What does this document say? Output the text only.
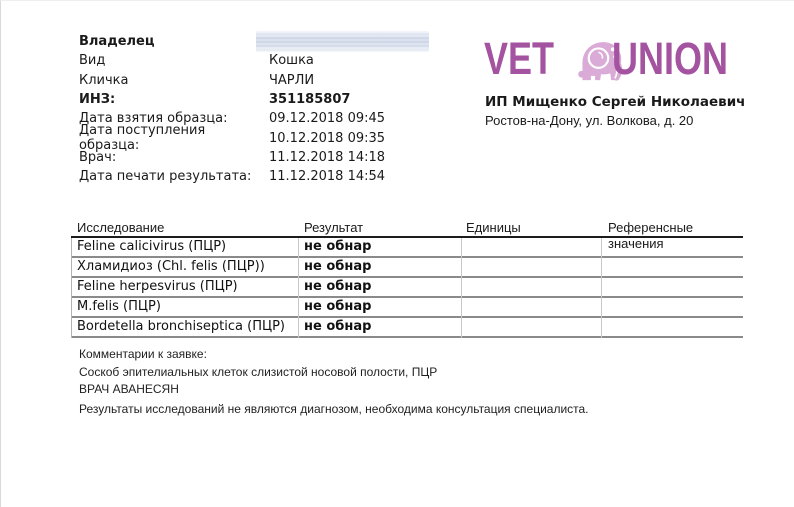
Владелец
Вид	Кошка
Кличка	ЧАРЛИ
ИНЗ:	351185807
Дата взятия образца:	09.12.2018 09:45
Дата поступления образца:
10.12.2018 09:35
Врач:	11.12.2018 14:18
Дата печати результата:	11.12.2018 14:54
VET UNION
ИП Мищенко Сергей Николаевич
Ростов-на-Дону, ул. Волкова, д. 20
Исследование	Результат	Единицы	Референсные значения
Feline calicivirus (ПЦР)	не обнар
Хламидиоз (Chl. felis (ПЦР))	не обнар
Feline herpesvirus (ПЦР)	не обнар
M.felis (ПЦР)	не обнар
Bordetella bronchiseptica (ПЦР)	не обнар
Комментарии к заявке:
Соскоб эпителиальных клеток слизистой носовой полости, ПЦР
ВРАЧ АВАНЕСЯН
Результаты исследований не являются диагнозом, необходима консультация специалиста.
